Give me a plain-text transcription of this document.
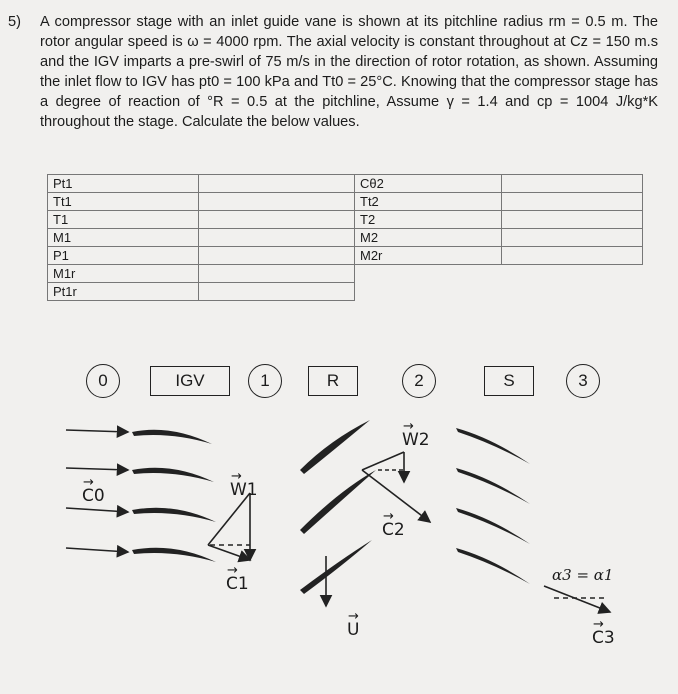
5) A compressor stage with an inlet guide vane is shown at its pitchline radius rm = 0.5 m. The rotor angular speed is ω = 4000 rpm. The axial velocity is constant throughout at Cz = 150 m.s and the IGV imparts a pre-swirl of 75 m/s in the direction of rotor rotation, as shown. Assuming the inlet flow to IGV has pt0 = 100 kPa and Tt0 = 25°C. Knowing that the compressor stage has a degree of reaction of °R = 0.5 at the pitchline, Assume γ = 1.4 and cp = 1004 J/kg*K throughout the stage. Calculate the below values.
Pt1		Cθ2	
Tt1		Tt2	
T1		T2	
M1		M2	
P1		M2r	
M1r			
Pt1r			
0	IGV	1	R	2	S	3
→
C0
→
W1
→
C1
→
W2
→
C2
→
U	→
C3
α3 = α1
